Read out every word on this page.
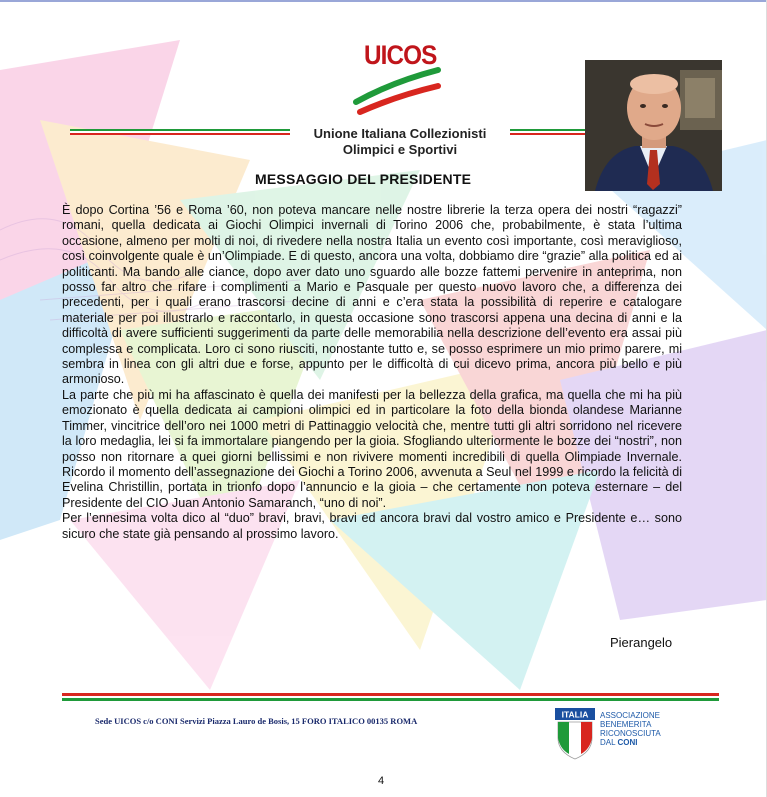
UICOS
Unione Italiana Collezionisti
Olimpici e Sportivi
MESSAGGIO DEL PRESIDENTE

È dopo Cortina ’56 e Roma ’60, non poteva mancare nelle nostre librerie la terza opera dei nostri “ragazzi” romani, quella dedicata ai Giochi Olimpici invernali di Torino 2006 che, probabilmente, è stata l’ultima occasione, almeno per molti di noi, di rivedere nella nostra Italia un evento così importante, così meraviglioso, così coinvolgente quale è un’Olimpiade. E di questo, ancora una volta, dobbiamo dire “grazie” alla politica ed ai politicanti. Ma bando alle ciance, dopo aver dato uno sguardo alle bozze fattemi pervenire in anteprima, non posso far altro che rifare i complimenti a Mario e Pasquale per questo nuovo lavoro che, a differenza dei precedenti, per i quali erano trascorsi decine di anni e c’era stata la possibilità di reperire e catalogare materiale per poi illustrarlo e raccontarlo, in questa occasione sono trascorsi appena una decina di anni e la difficoltà di avere sufficienti suggerimenti da parte delle memorabilia nella descrizione dell’evento era assai più complessa e complicata. Loro ci sono riusciti, nonostante tutto e, se posso esprimere un mio primo parere, mi sembra in linea con gli altri due e forse, appunto per le difficoltà di cui dicevo prima, ancora più bello e più armonioso.

La parte che più mi ha affascinato è quella dei manifesti per la bellezza della grafica, ma quella che mi ha più emozionato è quella dedicata ai campioni olimpici ed in particolare la foto della bionda olandese Marianne Timmer, vincitrice dell’oro nei 1000 metri di Pattinaggio velocità che, mentre tutti gli altri sorridono nel ricevere la loro medaglia, lei si fa immortalare piangendo per la gioia. Sfogliando ulteriormente le bozze dei “nostri”, non posso non ritornare a quei giorni bellissimi e non rivivere momenti incredibili di quella Olimpiade Invernale. Ricordo il momento dell’assegnazione dei Giochi a Torino 2006, avvenuta a Seul nel 1999 e ricordo la felicità di Evelina Christillin, portata in trionfo dopo l’annuncio e la gioia – che certamente non poteva esternare – del Presidente del CIO Juan Antonio Samaranch, “uno di noi”.

Per l’ennesima volta dico al “duo” bravi, bravi, bravi ed ancora bravi dal vostro amico e Presidente e… sono sicuro che state già pensando al prossimo lavoro.

Pierangelo
Sede UICOS c/o CONI Servizi Piazza Lauro de Bosis, 15 FORO ITALICO 00135 ROMA
ITALIA ASSOCIAZIONE
BENEMERITA
RICONOSCIUTA
DAL CONI
4
